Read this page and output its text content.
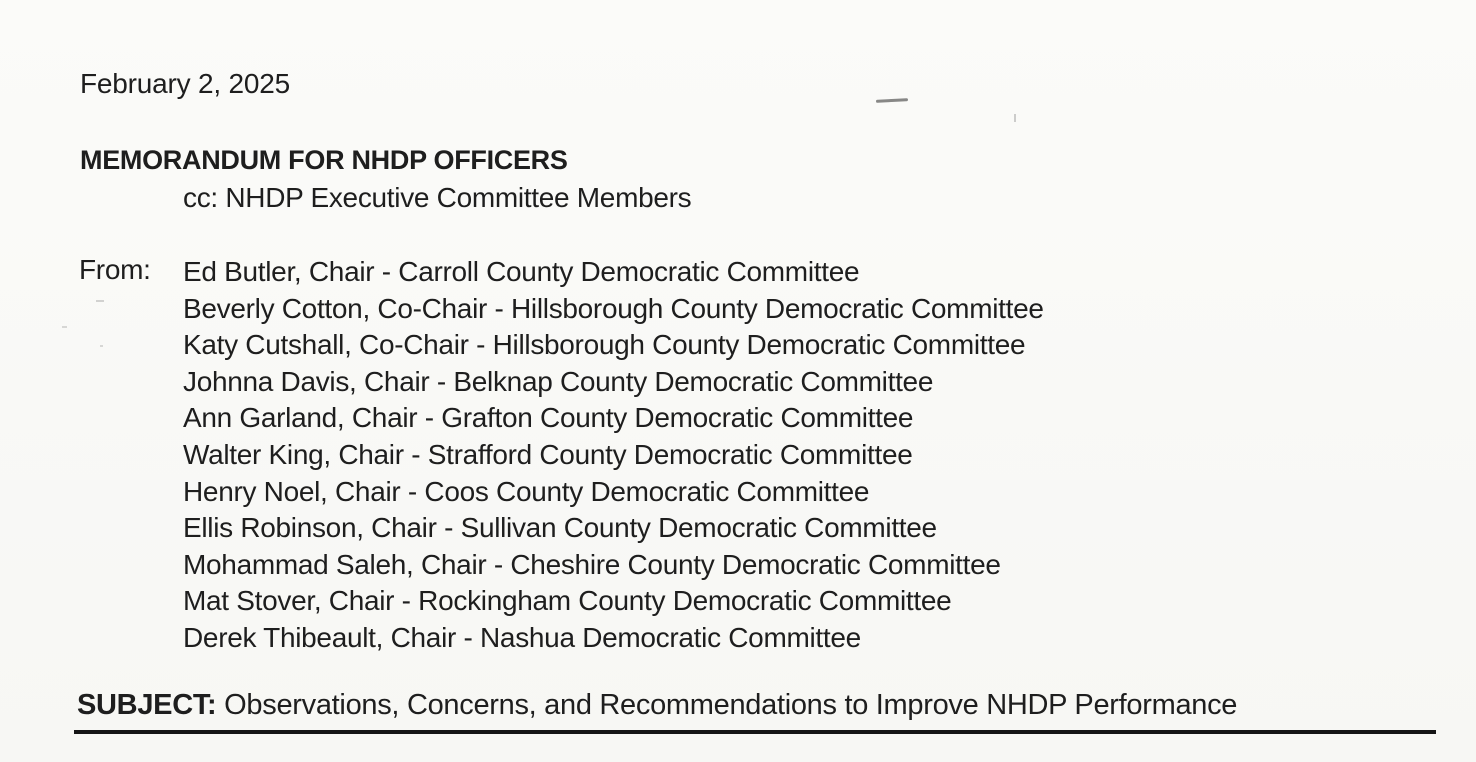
February 2, 2025
MEMORANDUM FOR NHDP OFFICERS
cc: NHDP Executive Committee Members
From: Ed Butler, Chair - Carroll County Democratic Committee
Beverly Cotton, Co-Chair - Hillsborough County Democratic Committee
Katy Cutshall, Co-Chair - Hillsborough County Democratic Committee
Johnna Davis, Chair - Belknap County Democratic Committee
Ann Garland, Chair - Grafton County Democratic Committee
Walter King, Chair - Strafford County Democratic Committee
Henry Noel, Chair - Coos County Democratic Committee
Ellis Robinson, Chair - Sullivan County Democratic Committee
Mohammad Saleh, Chair - Cheshire County Democratic Committee
Mat Stover, Chair - Rockingham County Democratic Committee
Derek Thibeault, Chair - Nashua Democratic Committee
SUBJECT: Observations, Concerns, and Recommendations to Improve NHDP Performance
